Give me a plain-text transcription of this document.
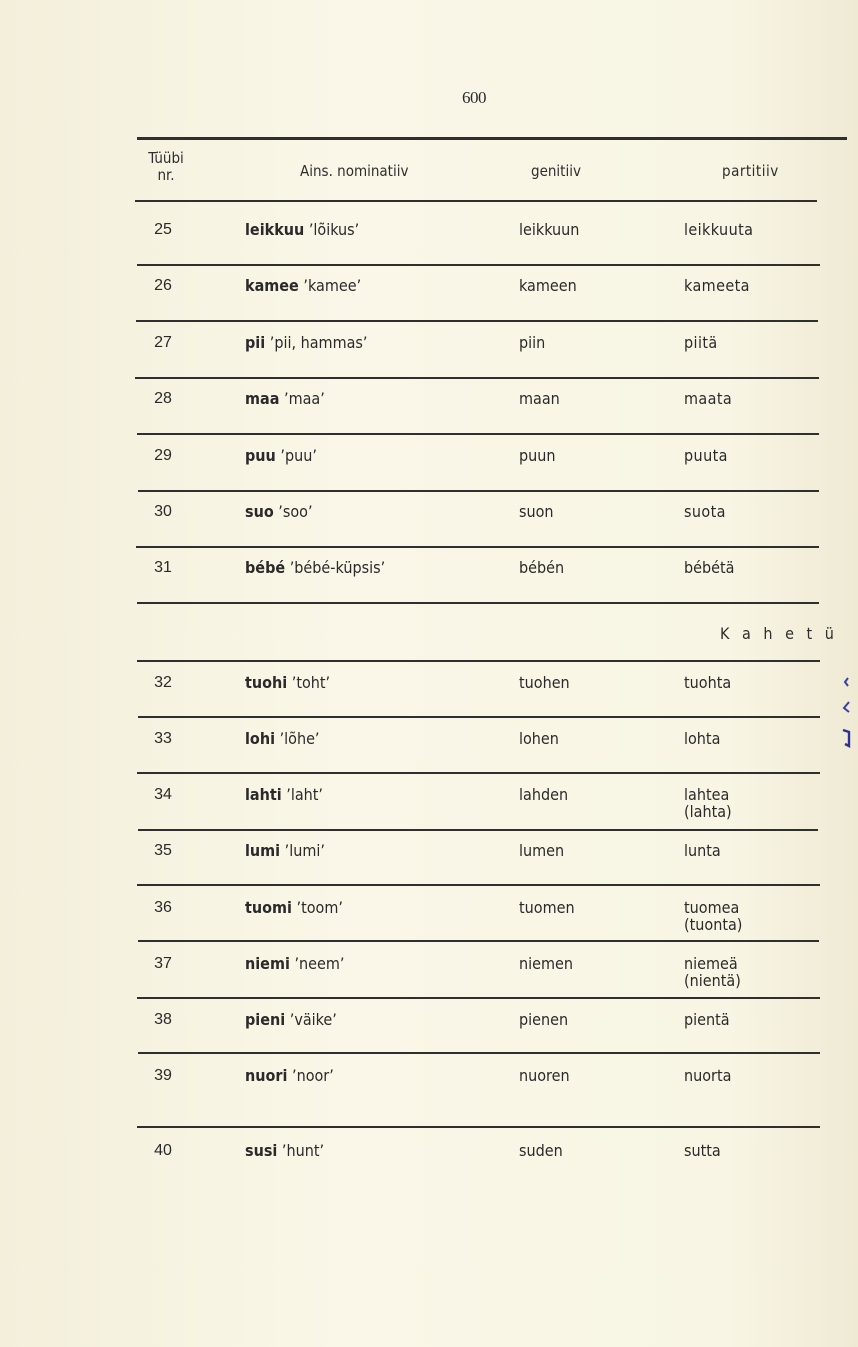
600
Tüübi
nr.	Ains. nominatiiv	genitiiv	partitiiv
K a h e t ü
25	leikkuu ’lõikus’	leikkuun	leikkuuta
26	kamee ’kamee’	kameen	kameeta
27	pii ’pii, hammas’	piin	piitä
28	maa ’maa’	maan	maata
29	puu ’puu’	puun	puuta
30	suo ’soo’	suon	suota
31	bébé ’bébé-küpsis’	bébén	bébétä
32	tuohi ’toht’	tuohen	tuohta
33	lohi ’lõhe’	lohen	lohta
34	lahti ’laht’	lahden	lahtea
(lahta)
35	lumi ’lumi’	lumen	lunta
36	tuomi ’toom’	tuomen	tuomea
(tuonta)
37	niemi ’neem’	niemen	niemeä
(nientä)
38	pieni ’väike’	pienen	pientä
39	nuori ’noor’	nuoren	nuorta
40	susi ’hunt’	suden	sutta
